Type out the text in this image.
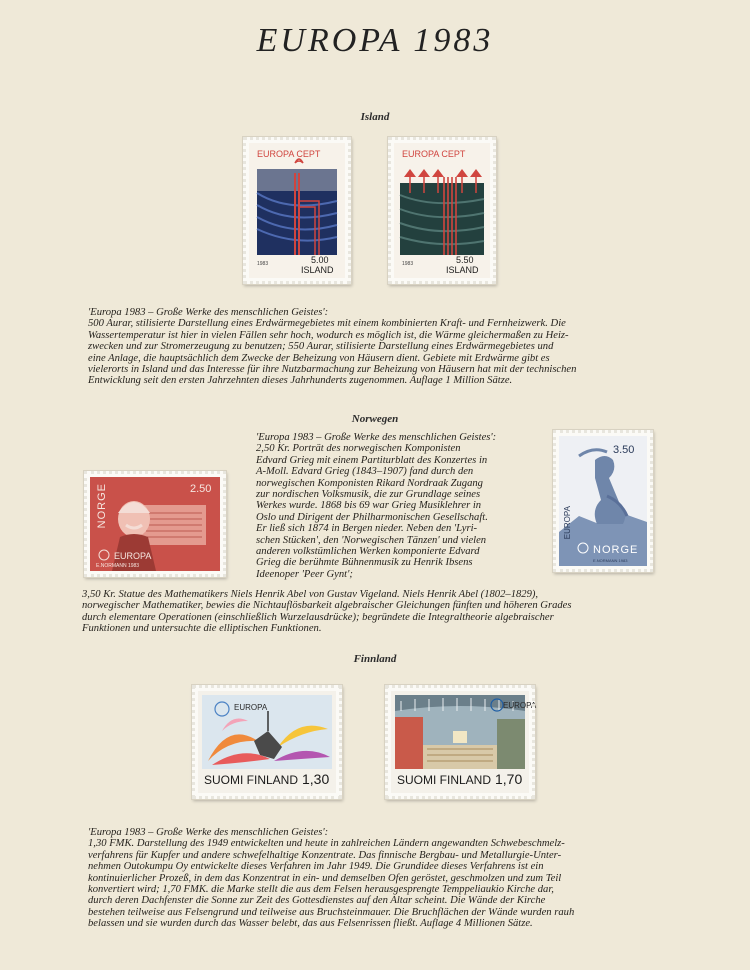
EUROPA 1983
Island
EUROPA CEPT
5.00
1983
ISLAND
EUROPA CEPT
5.50
1983
ISLAND
'Europa 1983 – Große Werke des menschlichen Geistes':
500 Aurar, stilisierte Darstellung eines Erdwärmegebietes mit einem kombinierten Kraft- und Fernheizwerk. Die
Wassertemperatur ist hier in vielen Fällen sehr hoch, wodurch es möglich ist, die Wärme gleichermaßen zu Heiz-
zwecken und zur Stromerzeugung zu benutzen; 550 Aurar, stilisierte Darstellung eines Erdwärmegebietes und
eine Anlage, die hauptsächlich dem Zwecke der Beheizung von Häusern dient. Gebiete mit Erdwärme gibt es
vielerorts in Island und das Interesse für ihre Nutzbarmachung zur Beheizung von Häusern hat mit der technischen
Entwicklung seit den ersten Jahrzehnten dieses Jahrhunderts zugenommen. Auflage 1 Million Sätze.
Norwegen
'Europa 1983 – Große Werke des menschlichen Geistes':
2,50 Kr. Porträt des norwegischen Komponisten
Edvard Grieg mit einem Partiturblatt des Konzertes in
A-Moll. Edvard Grieg (1843–1907) fand durch den
norwegischen Komponisten Rikard Nordraak Zugang
zur nordischen Volksmusik, die zur Grundlage seines
Werkes wurde. 1868 bis 69 war Grieg Musiklehrer in
Oslo und Dirigent der Philharmonischen Gesellschaft.
Er ließ sich 1874 in Bergen nieder. Neben den 'Lyri-
schen Stücken', den 'Norwegischen Tänzen' und vielen
anderen volkstümlichen Werken komponierte Edvard
Grieg die berühmte Bühnenmusik zu Henrik Ibsens
Ideenoper 'Peer Gynt';
NORGE	2.50
EUROPA
E.NORMANN 1983
3.50
EUROPA
NORGE
E.NORMANN 1983
3,50 Kr. Statue des Mathematikers Niels Henrik Abel von Gustav Vigeland. Niels Henrik Abel (1802–1829),
norwegischer Mathematiker, bewies die Nichtauflösbarkeit algebraischer Gleichungen fünften und höheren Grades
durch elementare Operationen (einschließlich Wurzelausdrücke); begründete die Integraltheorie algebraischer
Funktionen und untersuchte die elliptischen Funktionen.
Finnland
EUROPA
SUOMI FINLAND 1,30
EUROPA
SUOMI FINLAND 1,70
'Europa 1983 – Große Werke des menschlichen Geistes':
1,30 FMK. Darstellung des 1949 entwickelten und heute in zahlreichen Ländern angewandten Schwebeschmelz-
verfahrens für Kupfer und andere schwefelhaltige Konzentrate. Das finnische Bergbau- und Metallurgie-Unter-
nehmen Outokumpu Oy entwickelte dieses Verfahren im Jahr 1949. Die Grundidee dieses Verfahrens ist ein
kontinuierlicher Prozeß, in dem das Konzentrat in ein- und demselben Ofen geröstet, geschmolzen und zum Teil
konvertiert wird; 1,70 FMK. die Marke stellt die aus dem Felsen herausgesprengte Temppeliaukio Kirche dar,
durch deren Dachfenster die Sonne zur Zeit des Gottesdienstes auf den Altar scheint. Die Wände der Kirche
bestehen teilweise aus Felsengrund und teilweise aus Bruchsteinmauer. Die Bruchflächen der Wände wurden rauh
belassen und sie wurden durch das Wasser belebt, das aus Felsenrissen fließt. Auflage 4 Millionen Sätze.
